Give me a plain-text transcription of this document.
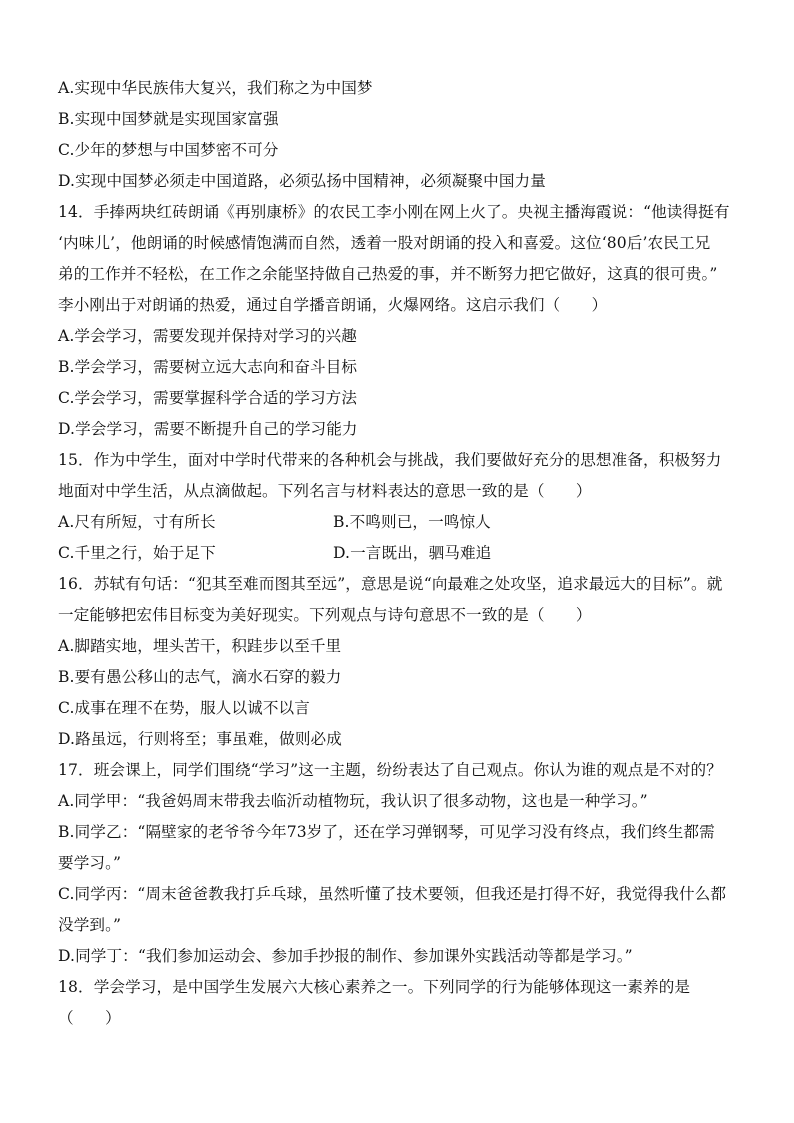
A.实现中华民族伟大复兴，我们称之为中国梦
B.实现中国梦就是实现国家富强
C.少年的梦想与中国梦密不可分
D.实现中国梦必须走中国道路，必须弘扬中国精神，必须凝聚中国力量
14．手捧两块红砖朗诵《再别康桥》的农民工李小刚在网上火了。央视主播海霞说：“他读得挺有
‘内味儿’，他朗诵的时候感情饱满而自然，透着一股对朗诵的投入和喜爱。这位‘80后’农民工兄
弟的工作并不轻松，在工作之余能坚持做自己热爱的事，并不断努力把它做好，这真的很可贵。”
李小刚出于对朗诵的热爱，通过自学播音朗诵，火爆网络。这启示我们（　　）
A.学会学习，需要发现并保持对学习的兴趣
B.学会学习，需要树立远大志向和奋斗目标
C.学会学习，需要掌握科学合适的学习方法
D.学会学习，需要不断提升自己的学习能力
15．作为中学生，面对中学时代带来的各种机会与挑战，我们要做好充分的思想准备，积极努力
地面对中学生活，从点滴做起。下列名言与材料表达的意思一致的是（　　）
A.尺有所短，寸有所长	B.不鸣则已，一鸣惊人
C.千里之行，始于足下	D.一言既出，驷马难追
16．苏轼有句话：“犯其至难而图其至远”，意思是说“向最难之处攻坚，追求最远大的目标”。就
一定能够把宏伟目标变为美好现实。下列观点与诗句意思不一致的是（　　）
A.脚踏实地，埋头苦干，积跬步以至千里
B.要有愚公移山的志气，滴水石穿的毅力
C.成事在理不在势，服人以诚不以言
D.路虽远，行则将至；事虽难，做则必成
17．班会课上，同学们围绕“学习”这一主题，纷纷表达了自己观点。你认为谁的观点是不对的？
A.同学甲：“我爸妈周末带我去临沂动植物玩，我认识了很多动物，这也是一种学习。”
B.同学乙：“隔壁家的老爷爷今年73岁了，还在学习弹钢琴，可见学习没有终点，我们终生都需
要学习。”
C.同学丙：“周末爸爸教我打乒乓球，虽然听懂了技术要领，但我还是打得不好，我觉得我什么都
没学到。”
D.同学丁：“我们参加运动会、参加手抄报的制作、参加课外实践活动等都是学习。”
18．学会学习，是中国学生发展六大核心素养之一。下列同学的行为能够体现这一素养的是
（　　）
